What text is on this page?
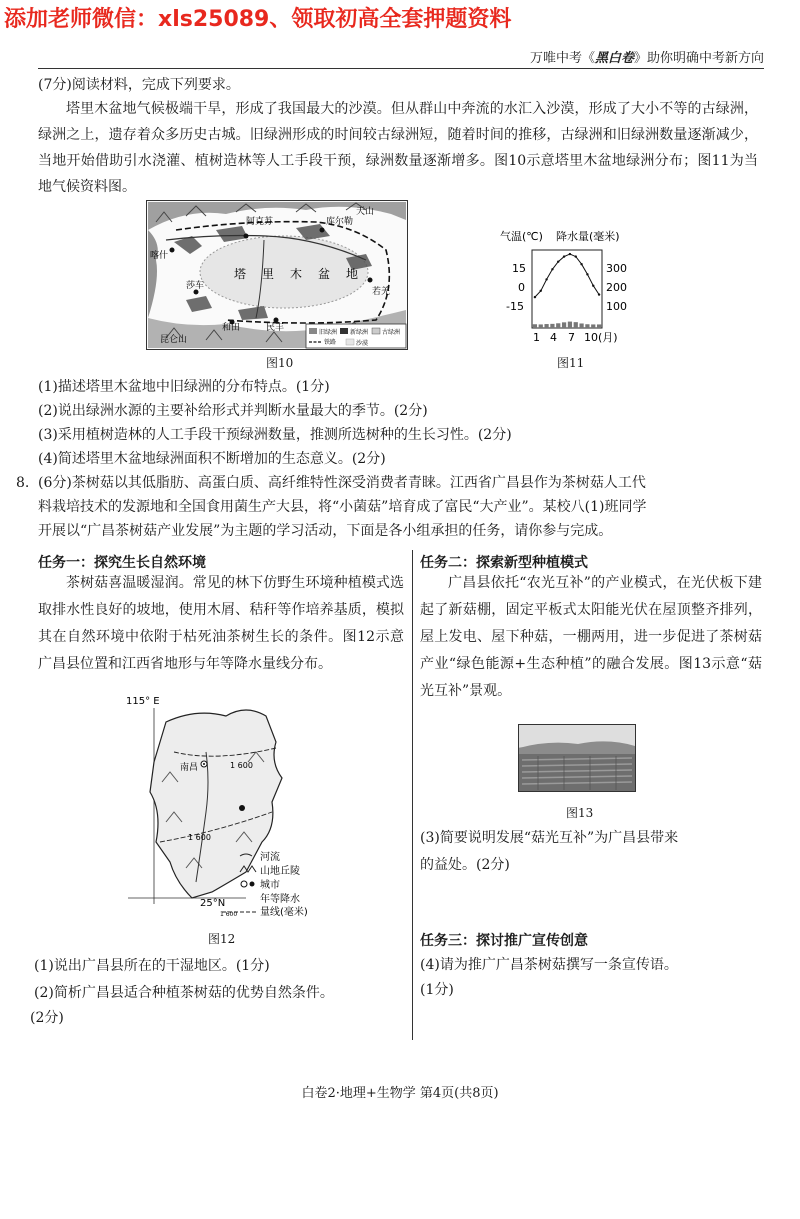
添加老师微信：xls25089、领取初高全套押题资料
万唯中考《黑白卷》助你明确中考新方向
(7分)阅读材料，完成下列要求。
塔里木盆地气候极端干旱，形成了我国最大的沙漠。但从群山中奔流的水汇入沙漠，形成了大小不等的古绿洲，绿洲之上，遗存着众多历史古城。旧绿洲形成的时间较古绿洲短，随着时间的推移，古绿洲和旧绿洲数量逐渐减少，当地开始借助引水浇灌、植树造林等人工手段干预，绿洲数量逐渐增多。图10示意塔里木盆地绿洲分布；图11为当地气候资料图。
阿克苏	库尔勒
喀什
若羌
民丰
和田
莎车
天山
昆仑山
塔 里 木 盆 地
旧绿洲 新绿洲 古绿洲
铁路	沙漠
图10
气温(℃) 降水量(毫米)
15
0
-15
300
200
100
1 4 7 10 (月)
图11
(1)描述塔里木盆地中旧绿洲的分布特点。(1分)
(2)说出绿洲水源的主要补给形式并判断水量最大的季节。(2分)
(3)采用植树造林的人工手段干预绿洲数量，推测所选树种的生长习性。(2分)
(4)简述塔里木盆地绿洲面积不断增加的生态意义。(2分)
8. (6分)茶树菇以其低脂肪、高蛋白质、高纤维特性深受消费者青睐。江西省广昌县作为茶树菇人工代
料栽培技术的发源地和全国食用菌生产大县，将“小菌菇”培育成了富民“大产业”。某校八(1)班同学
开展以“广昌茶树菇产业发展”为主题的学习活动，下面是各小组承担的任务，请你参与完成。
任务一：探究生长自然环境
茶树菇喜温暖湿润。常见的林下仿野生环境种植模式选取排水性良好的坡地，使用木屑、秸秆等作培养基质，模拟其在自然环境中依附于枯死油茶树生长的条件。图12示意广昌县位置和江西省地形与年等降水量线分布。
115° E
南昌	1 600
1 600
25°N
河流
山地丘陵
城市
年等降水
量线(毫米)
1 600
图12
(1)说出广昌县所在的干湿地区。(1分)
(2)简析广昌县适合种植茶树菇的优势自然条件。
(2分)
任务二：探索新型种植模式
广昌县依托“农光互补”的产业模式，在光伏板下建起了新菇棚，固定平板式太阳能光伏在屋顶整齐排列，屋上发电、屋下种菇，一棚两用，进一步促进了茶树菇产业“绿色能源+生态种植”的融合发展。图13示意“菇光互补”景观。
图13
(3)简要说明发展“菇光互补”为广昌县带来
的益处。(2分)
任务三：探讨推广宣传创意
(4)请为推广广昌茶树菇撰写一条宣传语。
(1分)
白卷2·地理+生物学 第4页(共8页)
